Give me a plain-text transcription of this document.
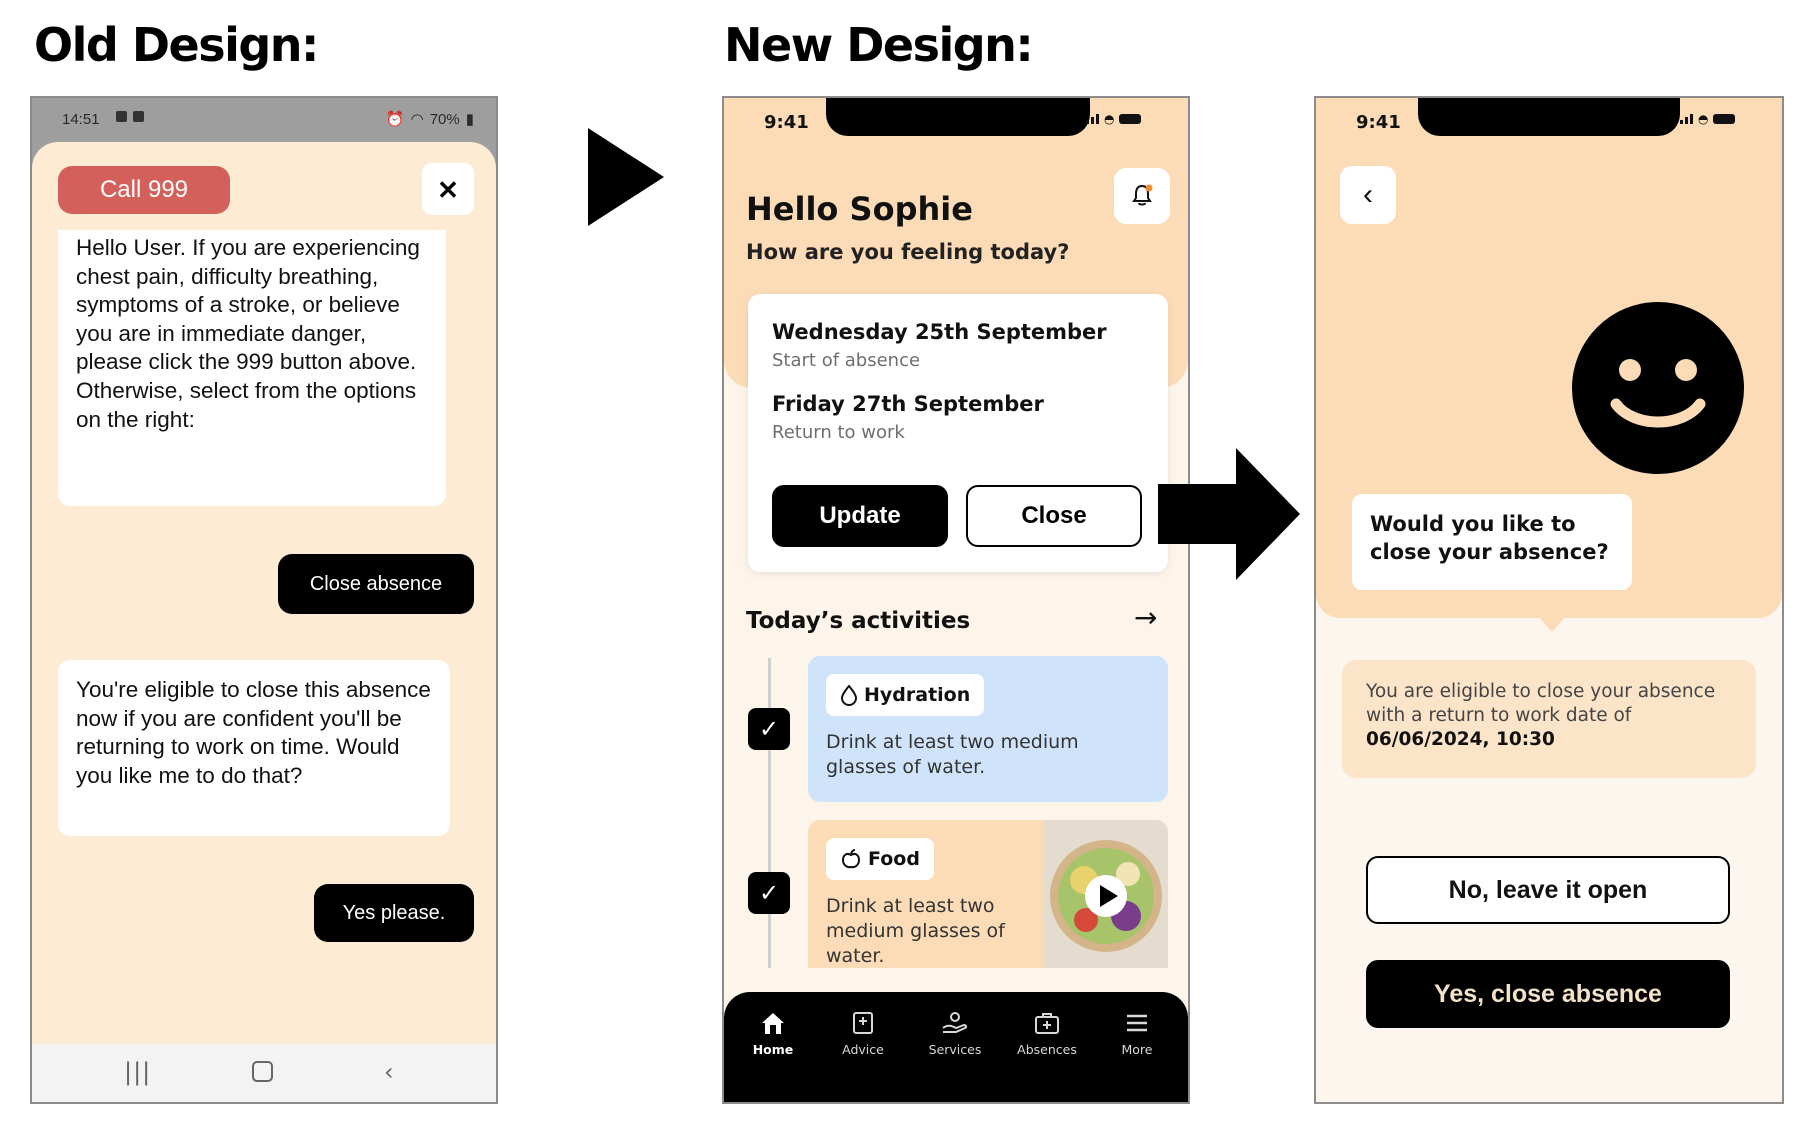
Old Design:	New Design:
14:51	⏰ ◠ 70% ▮
Call 999	✕
Hello User. If you are experiencing chest pain, difficulty breathing, symptoms of a stroke, or believe you are in immediate danger, please click the 999 button above. Otherwise, select from the options on the right:
Close absence
You're eligible to close this absence now if you are confident you'll be returning to work on time. Would you like me to do that?
Yes please.
|||	‹
9:41	◓
Hello Sophie

How are you feeling today?

Wednesday 25th September
Start of absence
Friday 27th September
Return to work
Update	Close
Today’s activities	→
✓
✓
Hydration
Drink at least two medium glasses of water.
Food
Drink at least two medium glasses of water.
Home	Advice	Services	Absences	More
9:41	◓
‹
Would you like to close your absence?
You are eligible to close your absence with a return to work date of 06/06/2024, 10:30
No, leave it open
Yes, close absence
